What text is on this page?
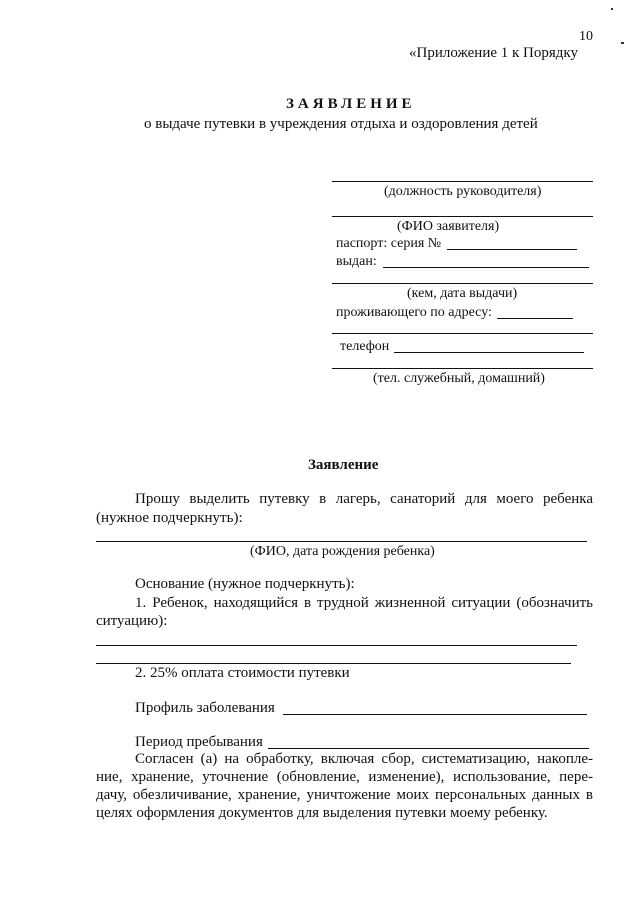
10
«Приложение 1 к Порядку
ЗАЯВЛЕНИЕ
о выдаче путевки в учреждения отдыха и оздоровления детей
(должность руководителя)
(ФИО заявителя)
паспорт: серия №
выдан:
(кем, дата выдачи)
проживающего по адресу:
телефон
(тел. служебный, домашний)
Заявление
Прошу выделить путевку в лагерь, санаторий для моего ребенка
(нужное подчеркнуть):
(ФИО, дата рождения ребенка)
Основание (нужное подчеркнуть):
1. Ребенок, находящийся в трудной жизненной ситуации (обозначить
ситуацию):
2. 25% оплата стоимости путевки
Профиль заболевания
Период пребывания
Согласен (а) на обработку, включая сбор, систематизацию, накопле-
ние, хранение, уточнение (обновление, изменение), использование, пере-
дачу, обезличивание, хранение, уничтожение моих персональных данных в
целях оформления документов для выделения путевки моему ребенку.
